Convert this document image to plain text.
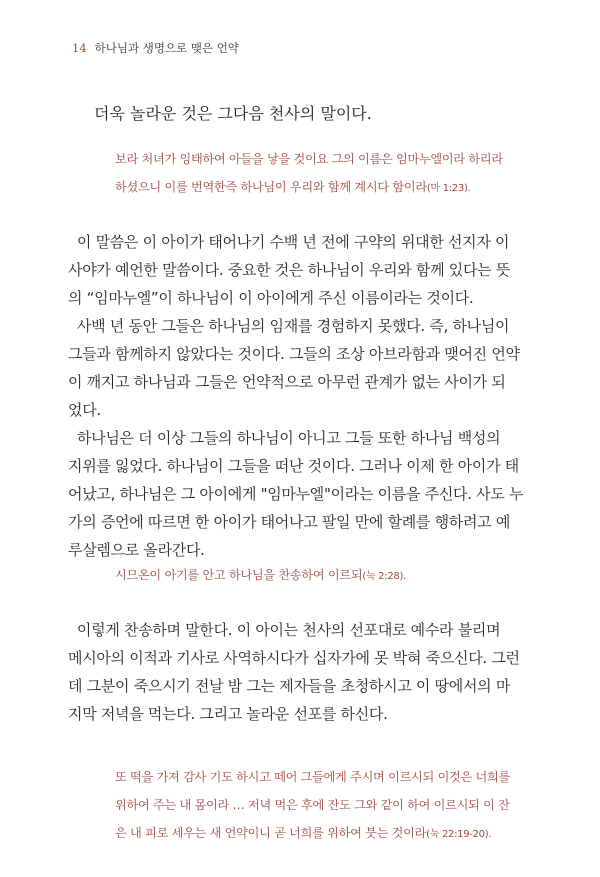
14 하나님과 생명으로 맺은 언약
더욱 놀라운 것은 그다음 천사의 말이다.
보라 처녀가 잉태하여 아들을 낳을 것이요 그의 이름은 임마누엘이라 하리라
하셨으니 이를 번역한즉 하나님이 우리와 함께 계시다 함이라(마 1:23).
이 말씀은 이 아이가 태어나기 수백 년 전에 구약의 위대한 선지자 이
사야가 예언한 말씀이다. 중요한 것은 하나님이 우리와 함께 있다는 뜻
의 “임마누엘”이 하나님이 이 아이에게 주신 이름이라는 것이다.
사백 년 동안 그들은 하나님의 임재를 경험하지 못했다. 즉, 하나님이
그들과 함께하지 않았다는 것이다. 그들의 조상 아브라함과 맺어진 언약
이 깨지고 하나님과 그들은 언약적으로 아무런 관계가 없는 사이가 되
었다.
하나님은 더 이상 그들의 하나님이 아니고 그들 또한 하나님 백성의
지위를 잃었다. 하나님이 그들을 떠난 것이다. 그러나 이제 한 아이가 태
어났고, 하나님은 그 아이에게 "임마누엘"이라는 이름을 주신다. 사도 누
가의 증언에 따르면 한 아이가 태어나고 팔일 만에 할례를 행하려고 예
루살렘으로 올라간다.
시므온이 아기를 안고 하나님을 찬송하여 이르되(눅 2:28).
이렇게 찬송하며 말한다. 이 아이는 천사의 선포대로 예수라 불리며
메시아의 이적과 기사로 사역하시다가 십자가에 못 박혀 죽으신다. 그런
데 그분이 죽으시기 전날 밤 그는 제자들을 초청하시고 이 땅에서의 마
지막 저녁을 먹는다. 그리고 놀라운 선포를 하신다.
또 떡을 가져 감사 기도 하시고 떼어 그들에게 주시며 이르시되 이것은 너희를
위하여 주는 내 몸이라 … 저녁 먹은 후에 잔도 그와 같이 하여 이르시되 이 잔
은 내 피로 세우는 새 언약이니 곧 너희를 위하여 붓는 것이라(눅 22:19-20).
